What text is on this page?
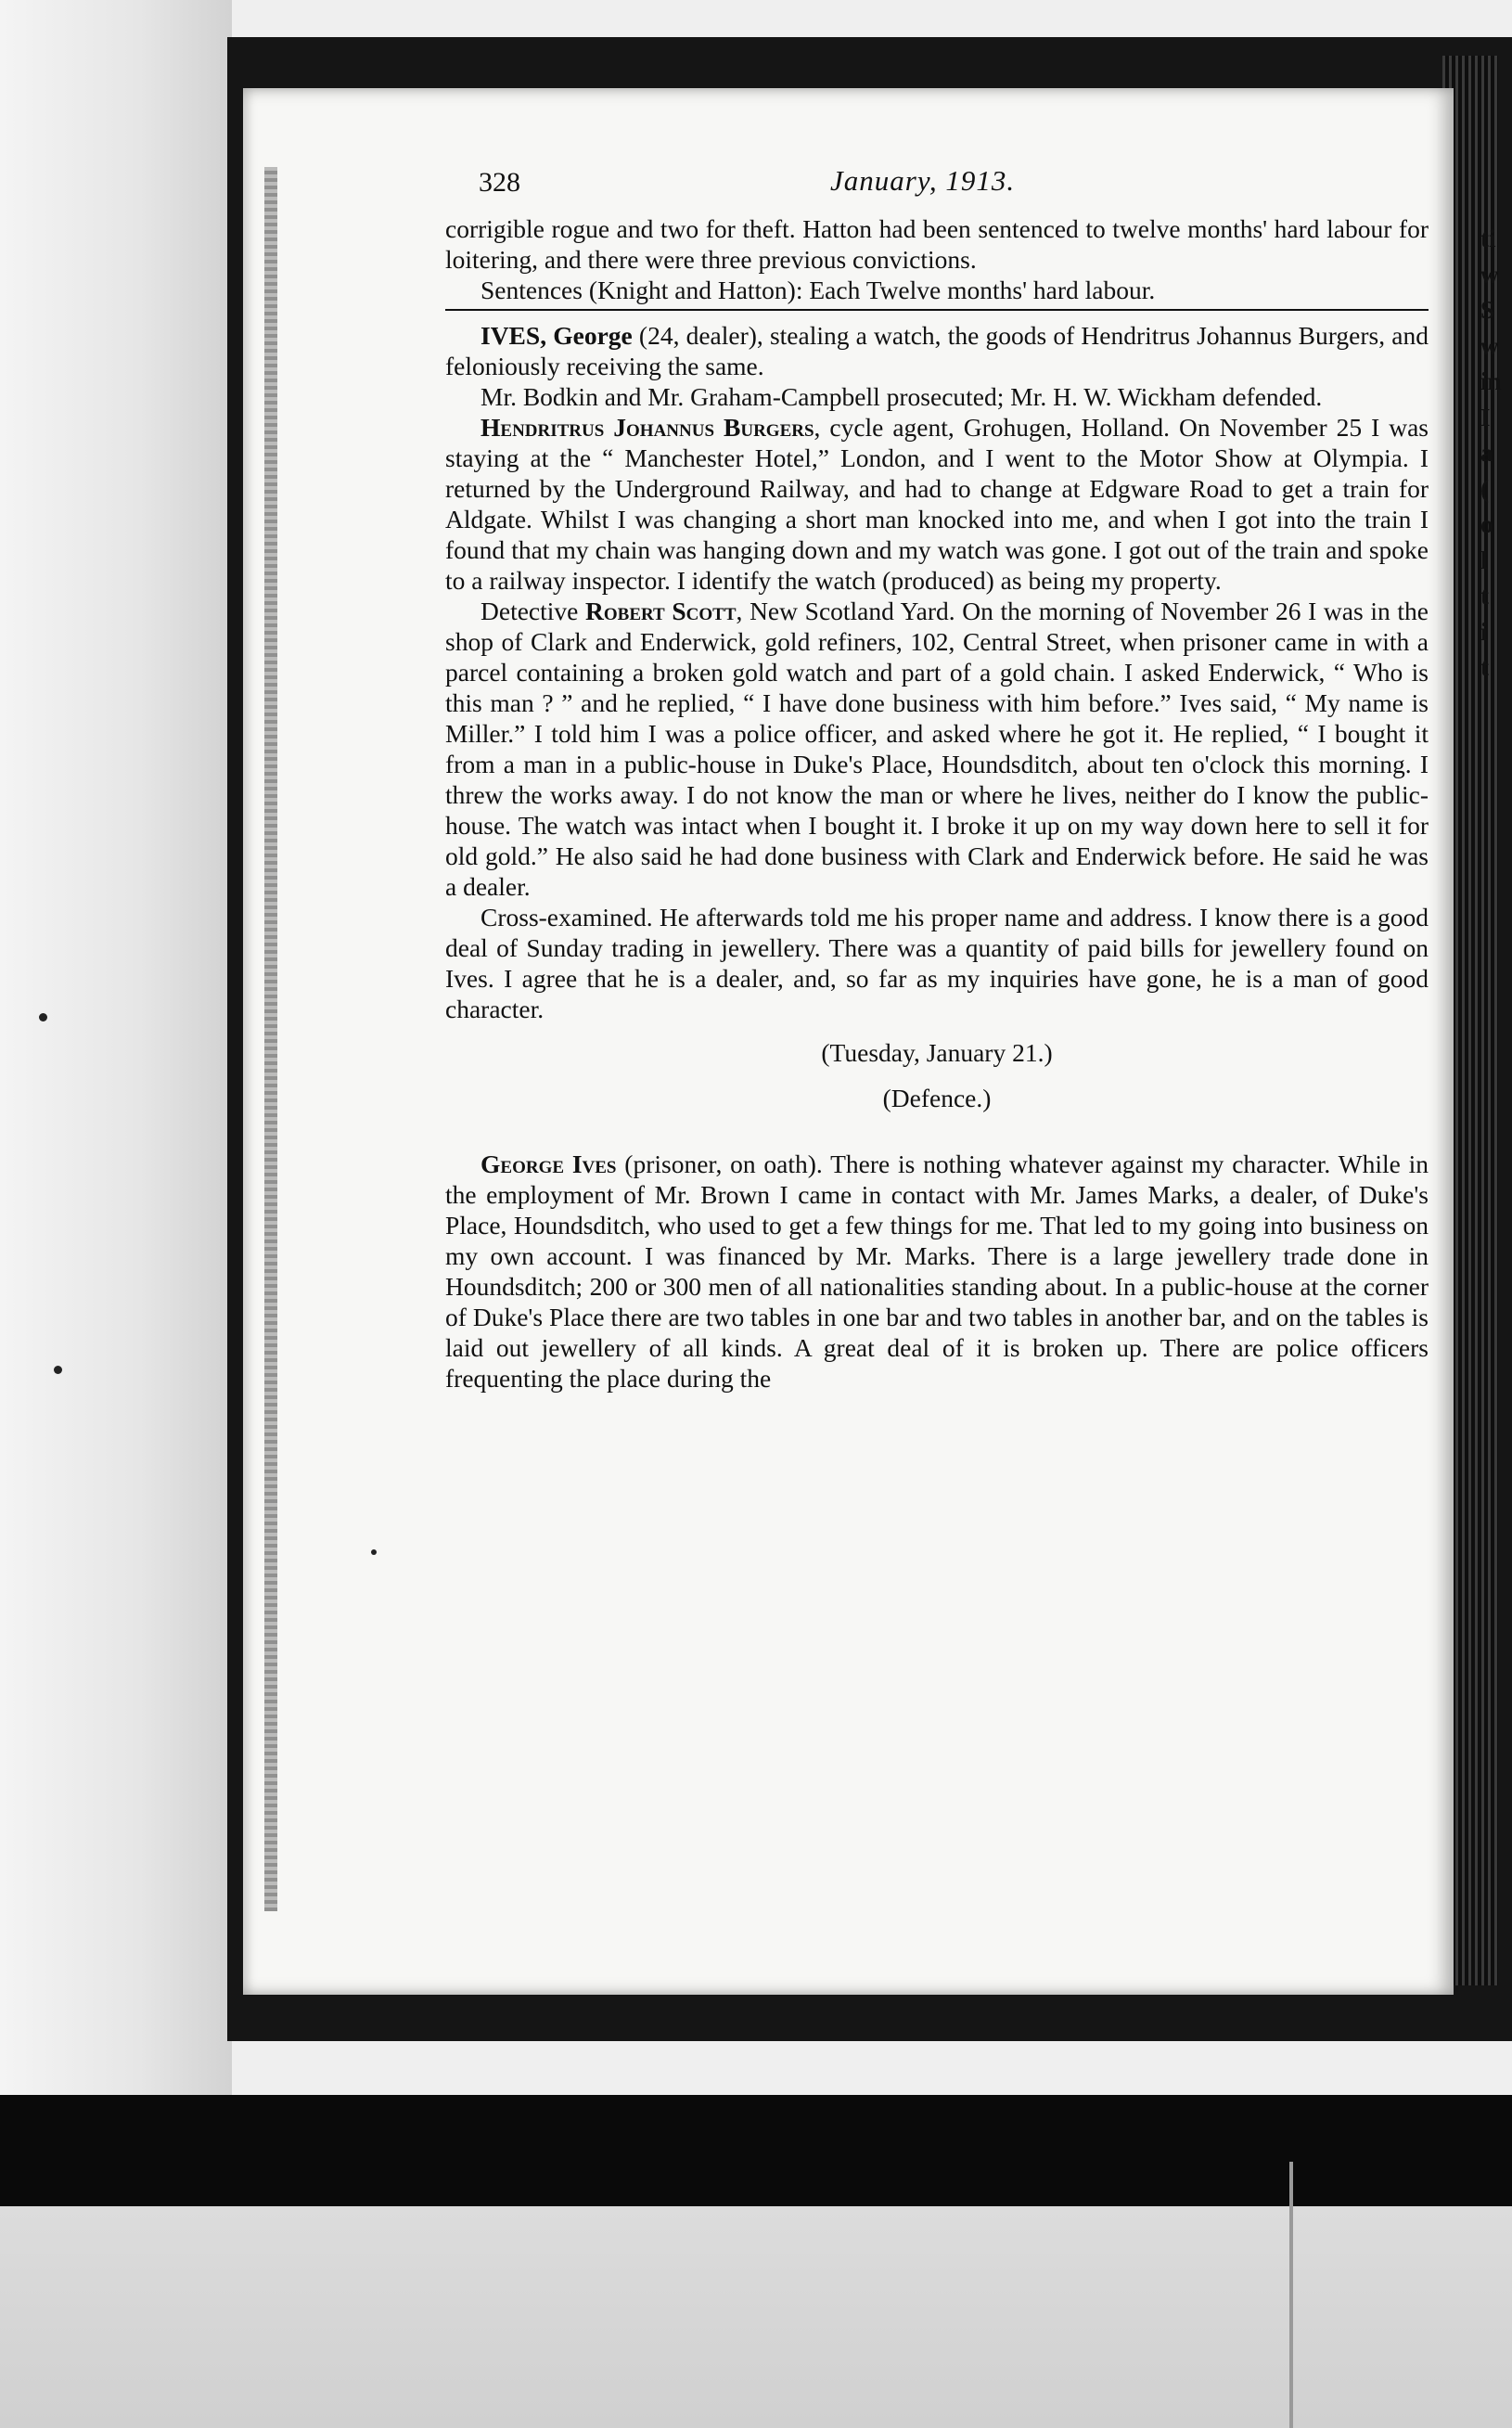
ti
w
S
w
in
I
a
(
o
l
t
i
t
328	January, 1913.

corrigible rogue and two for theft. Hatton had been sentenced to twelve months' hard labour for loitering, and there were three previous convictions.

Sentences (Knight and Hatton): Each Twelve months' hard labour.

IVES, George (24, dealer), stealing a watch, the goods of Hendritrus Johannus Burgers, and feloniously receiving the same.

Mr. Bodkin and Mr. Graham-Campbell prosecuted; Mr. H. W. Wickham defended.

Hendritrus Johannus Burgers, cycle agent, Grohugen, Holland. On November 25 I was staying at the “ Manchester Hotel,” London, and I went to the Motor Show at Olympia. I returned by the Underground Railway, and had to change at Edgware Road to get a train for Aldgate. Whilst I was changing a short man knocked into me, and when I got into the train I found that my chain was hanging down and my watch was gone. I got out of the train and spoke to a railway inspector. I identify the watch (produced) as being my property.

Detective Robert Scott, New Scotland Yard. On the morning of November 26 I was in the shop of Clark and Enderwick, gold refiners, 102, Central Street, when prisoner came in with a parcel containing a broken gold watch and part of a gold chain. I asked Enderwick, “ Who is this man ? ” and he replied, “ I have done business with him before.” Ives said, “ My name is Miller.” I told him I was a police officer, and asked where he got it. He replied, “ I bought it from a man in a public-house in Duke's Place, Houndsditch, about ten o'clock this morning. I threw the works away. I do not know the man or where he lives, neither do I know the public-house. The watch was intact when I bought it. I broke it up on my way down here to sell it for old gold.” He also said he had done business with Clark and Enderwick before. He said he was a dealer.

Cross-examined. He afterwards told me his proper name and address. I know there is a good deal of Sunday trading in jewellery. There was a quantity of paid bills for jewellery found on Ives. I agree that he is a dealer, and, so far as my inquiries have gone, he is a man of good character.

(Tuesday, January 21.)

(Defence.)

George Ives (prisoner, on oath). There is nothing whatever against my character. While in the employment of Mr. Brown I came in contact with Mr. James Marks, a dealer, of Duke's Place, Houndsditch, who used to get a few things for me. That led to my going into business on my own account. I was financed by Mr. Marks. There is a large jewellery trade done in Houndsditch; 200 or 300 men of all nationalities standing about. In a public-house at the corner of Duke's Place there are two tables in one bar and two tables in another bar, and on the tables is laid out jewellery of all kinds. A great deal of it is broken up. There are police officers frequenting the place during the
